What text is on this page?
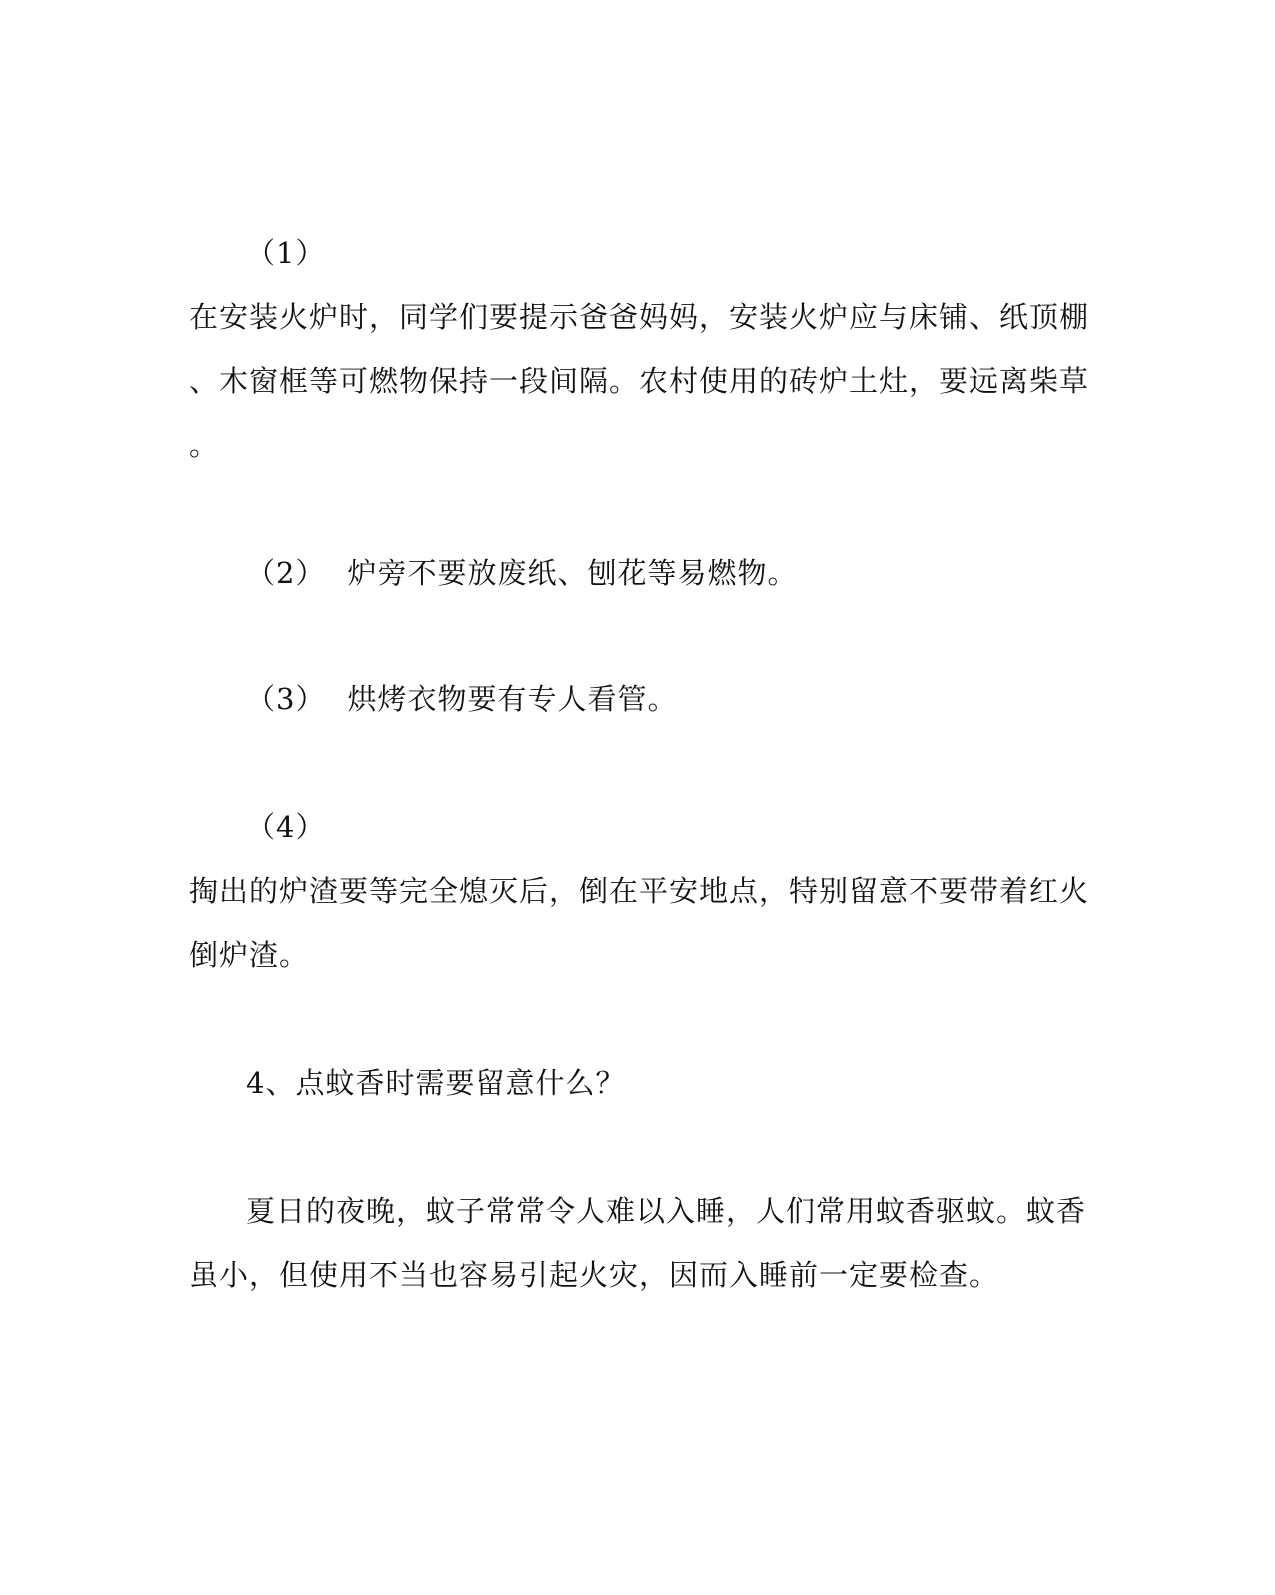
（1）
在安装火炉时，同学们要提示爸爸妈妈，安装火炉应与床铺、纸顶棚
、木窗框等可燃物保持一段间隔。农村使用的砖炉土灶，要远离柴草
。
（2） 炉旁不要放废纸、刨花等易燃物。
（3） 烘烤衣物要有专人看管。
（4）
掏出的炉渣要等完全熄灭后，倒在平安地点，特别留意不要带着红火
倒炉渣。
4、点蚊香时需要留意什么？
夏日的夜晚，蚊子常常令人难以入睡，人们常用蚊香驱蚊。蚊香
虽小，但使用不当也容易引起火灾，因而入睡前一定要检查。
